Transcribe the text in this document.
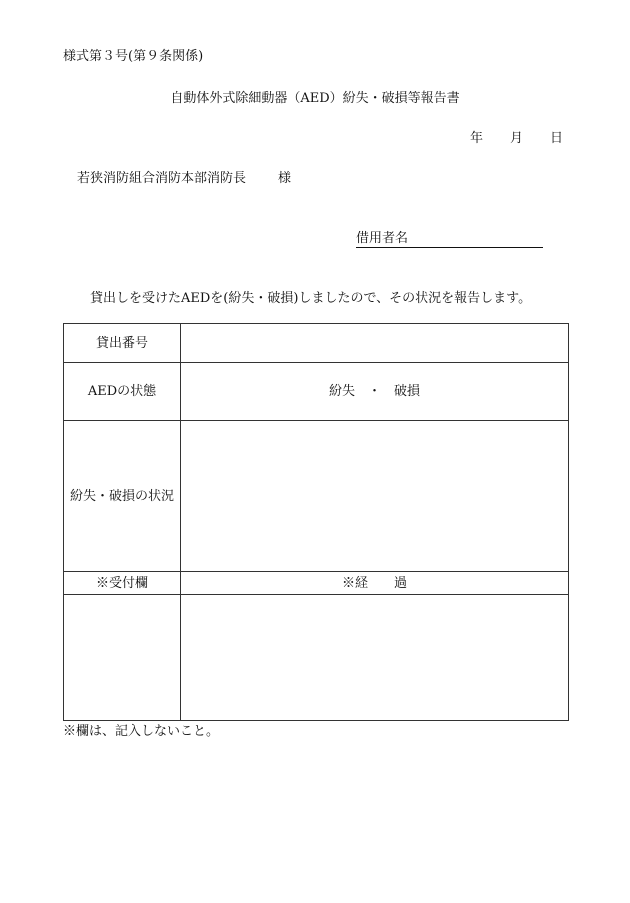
様式第３号(第９条関係)
自動体外式除細動器（AED）紛失・破損等報告書
年 月 日
若狭消防組合消防本部消防長 様
借用者名
貸出しを受けたAEDを(紛失・破損)しましたので、その状況を報告します。
貸出番号	
AEDの状態	紛失　・　破損
紛失・破損の状況	
※受付欄	※経　　過

※欄は、記入しないこと。
